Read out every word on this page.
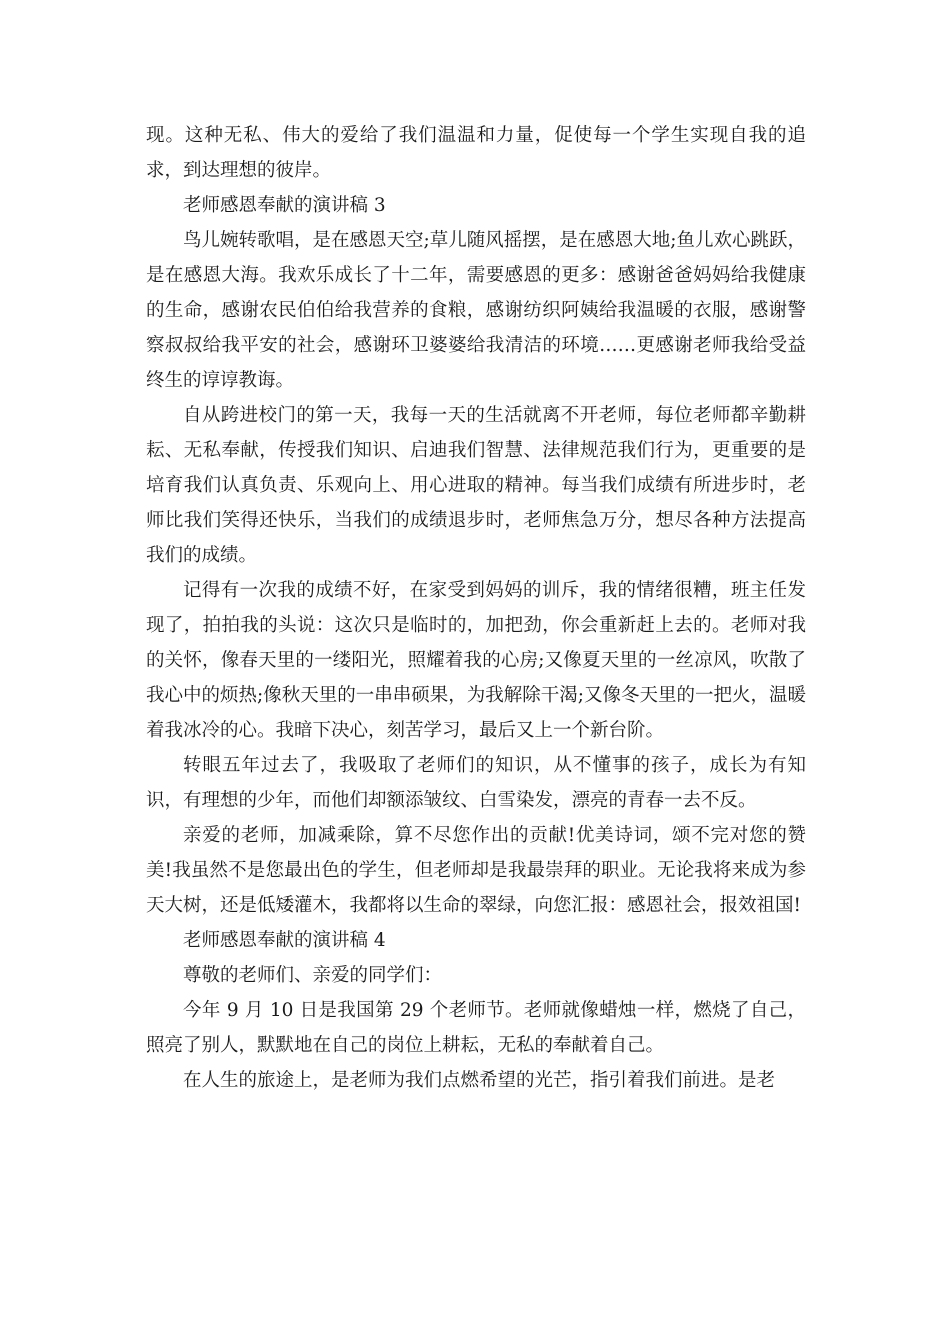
现。这种无私、伟大的爱给了我们温温和力量，促使每一个学生实现自我的追求，到达理想的彼岸。

老师感恩奉献的演讲稿 3

鸟儿婉转歌唱，是在感恩天空;草儿随风摇摆，是在感恩大地;鱼儿欢心跳跃，是在感恩大海。我欢乐成长了十二年，需要感恩的更多：感谢爸爸妈妈给我健康的生命，感谢农民伯伯给我营养的食粮，感谢纺织阿姨给我温暖的衣服，感谢警察叔叔给我平安的社会，感谢环卫婆婆给我清洁的环境……更感谢老师我给受益终生的谆谆教诲。

自从跨进校门的第一天，我每一天的生活就离不开老师，每位老师都辛勤耕耘、无私奉献，传授我们知识、启迪我们智慧、法律规范我们行为，更重要的是培育我们认真负责、乐观向上、用心进取的精神。每当我们成绩有所进步时，老师比我们笑得还快乐，当我们的成绩退步时，老师焦急万分，想尽各种方法提高我们的成绩。

记得有一次我的成绩不好，在家受到妈妈的训斥，我的情绪很糟，班主任发现了，拍拍我的头说：这次只是临时的，加把劲，你会重新赶上去的。老师对我的关怀，像春天里的一缕阳光，照耀着我的心房;又像夏天里的一丝凉风，吹散了我心中的烦热;像秋天里的一串串硕果，为我解除干渴;又像冬天里的一把火，温暖着我冰冷的心。我暗下决心，刻苦学习，最后又上一个新台阶。

转眼五年过去了，我吸取了老师们的知识，从不懂事的孩子，成长为有知识，有理想的少年，而他们却额添皱纹、白雪染发，漂亮的青春一去不反。

亲爱的老师，加减乘除，算不尽您作出的贡献!优美诗词，颂不完对您的赞美!我虽然不是您最出色的学生，但老师却是我最崇拜的职业。无论我将来成为参天大树，还是低矮灌木，我都将以生命的翠绿，向您汇报：感恩社会，报效祖国!

老师感恩奉献的演讲稿 4

尊敬的老师们、亲爱的同学们：

今年 9 月 10 日是我国第 29 个老师节。老师就像蜡烛一样，燃烧了自己，照亮了别人，默默地在自己的岗位上耕耘，无私的奉献着自己。

在人生的旅途上，是老师为我们点燃希望的光芒，指引着我们前进。是老
